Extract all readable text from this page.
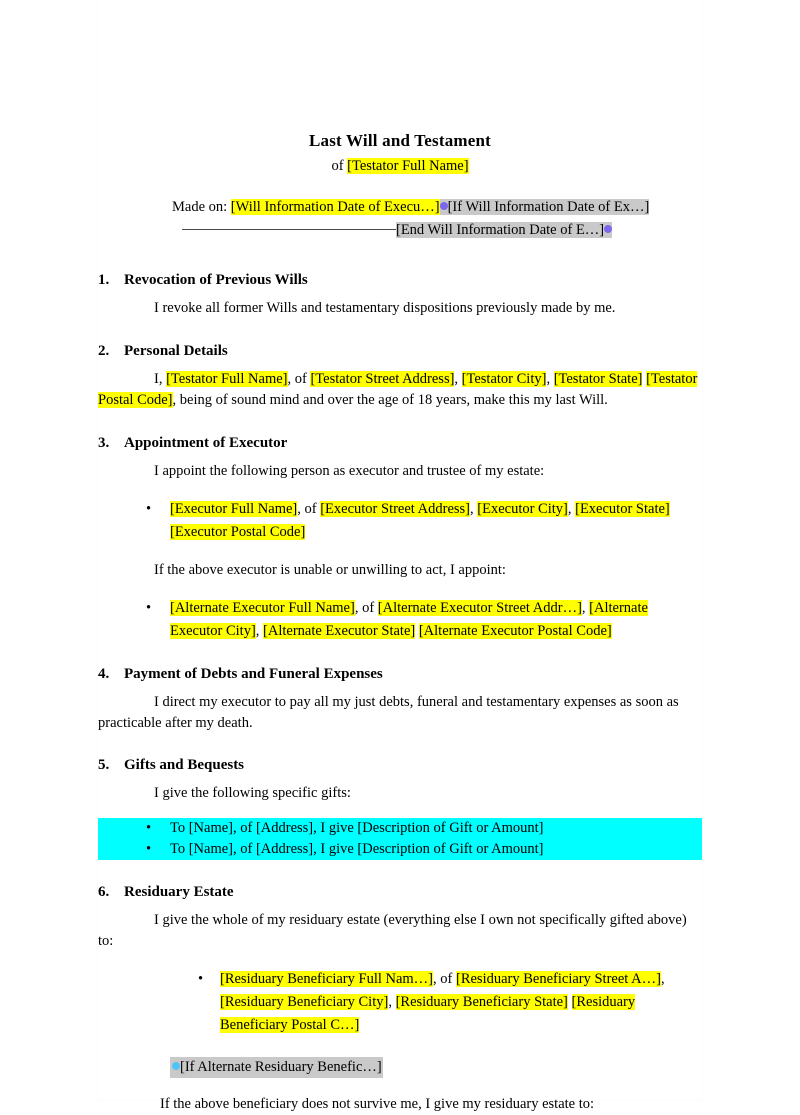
Last Will and Testament

of [Testator Full Name]

Made on: [Will Information Date of Execu…] [If Will Information Date of Ex…]
[End Will Information Date of E…]

1. Revocation of Previous Wills

I revoke all former Wills and testamentary dispositions previously made by me.

2. Personal Details

I, [Testator Full Name], of [Testator Street Address], [Testator City], [Testator State] [Testator Postal Code], being of sound mind and over the age of 18 years, make this my last Will.

3. Appointment of Executor

I appoint the following person as executor and trustee of my estate:

• [Executor Full Name], of [Executor Street Address], [Executor City], [Executor State] [Executor Postal Code]

If the above executor is unable or unwilling to act, I appoint:

• [Alternate Executor Full Name], of [Alternate Executor Street Addr…], [Alternate Executor City], [Alternate Executor State] [Alternate Executor Postal Code]
4. Payment of Debts and Funeral Expenses

I direct my executor to pay all my just debts, funeral and testamentary expenses as soon as practicable after my death.

5. Gifts and Bequests

I give the following specific gifts:

• To [Name], of [Address], I give [Description of Gift or Amount]
• To [Name], of [Address], I give [Description of Gift or Amount]
6. Residuary Estate

I give the whole of my residuary estate (everything else I own not specifically gifted above) to:

• [Residuary Beneficiary Full Nam…], of [Residuary Beneficiary Street A…], [Residuary Beneficiary City], [Residuary Beneficiary State] [Residuary Beneficiary Postal C…]

[If Alternate Residuary Benefic…]

If the above beneficiary does not survive me, I give my residuary estate to:
